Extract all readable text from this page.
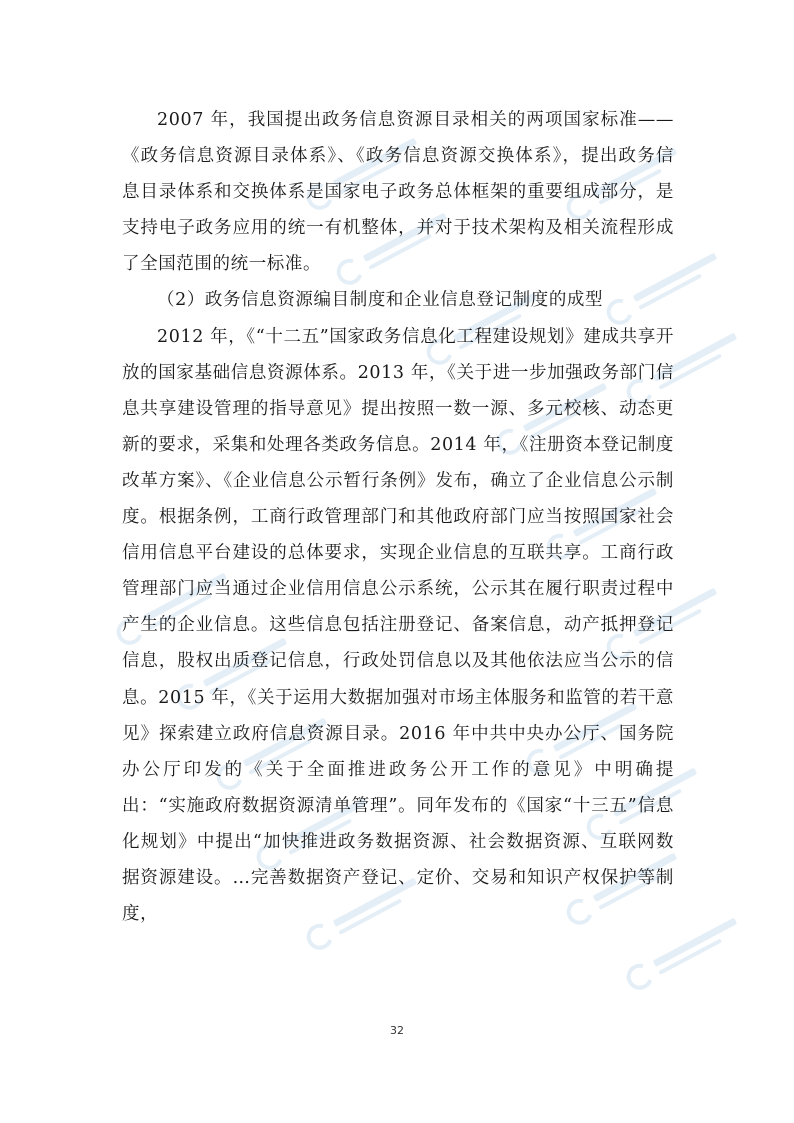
2007 年，我国提出政务信息资源目录相关的两项国家标准——《政务信息资源目录体系》、《政务信息资源交换体系》，提出政务信息目录体系和交换体系是国家电子政务总体框架的重要组成部分，是支持电子政务应用的统一有机整体，并对于技术架构及相关流程形成了全国范围的统一标准。

（2）政务信息资源编目制度和企业信息登记制度的成型

2012 年，《“十二五”国家政务信息化工程建设规划》建成共享开放的国家基础信息资源体系。2013 年，《关于进一步加强政务部门信息共享建设管理的指导意见》提出按照一数一源、多元校核、动态更新的要求，采集和处理各类政务信息。2014 年，《注册资本登记制度改革方案》、《企业信息公示暂行条例》发布，确立了企业信息公示制度。根据条例，工商行政管理部门和其他政府部门应当按照国家社会信用信息平台建设的总体要求，实现企业信息的互联共享。工商行政管理部门应当通过企业信用信息公示系统，公示其在履行职责过程中产生的企业信息。这些信息包括注册登记、备案信息，动产抵押登记信息，股权出质登记信息，行政处罚信息以及其他依法应当公示的信息。2015 年，《关于运用大数据加强对市场主体服务和监管的若干意见》探索建立政府信息资源目录。2016 年中共中央办公厅、国务院办公厅印发的《关于全面推进政务公开工作的意见》中明确提出：“实施政府数据资源清单管理”。同年发布的《国家“十三五”信息化规划》中提出“加快推进政务数据资源、社会数据资源、互联网数据资源建设。…完善数据资产登记、定价、交易和知识产权保护等制度，

32
